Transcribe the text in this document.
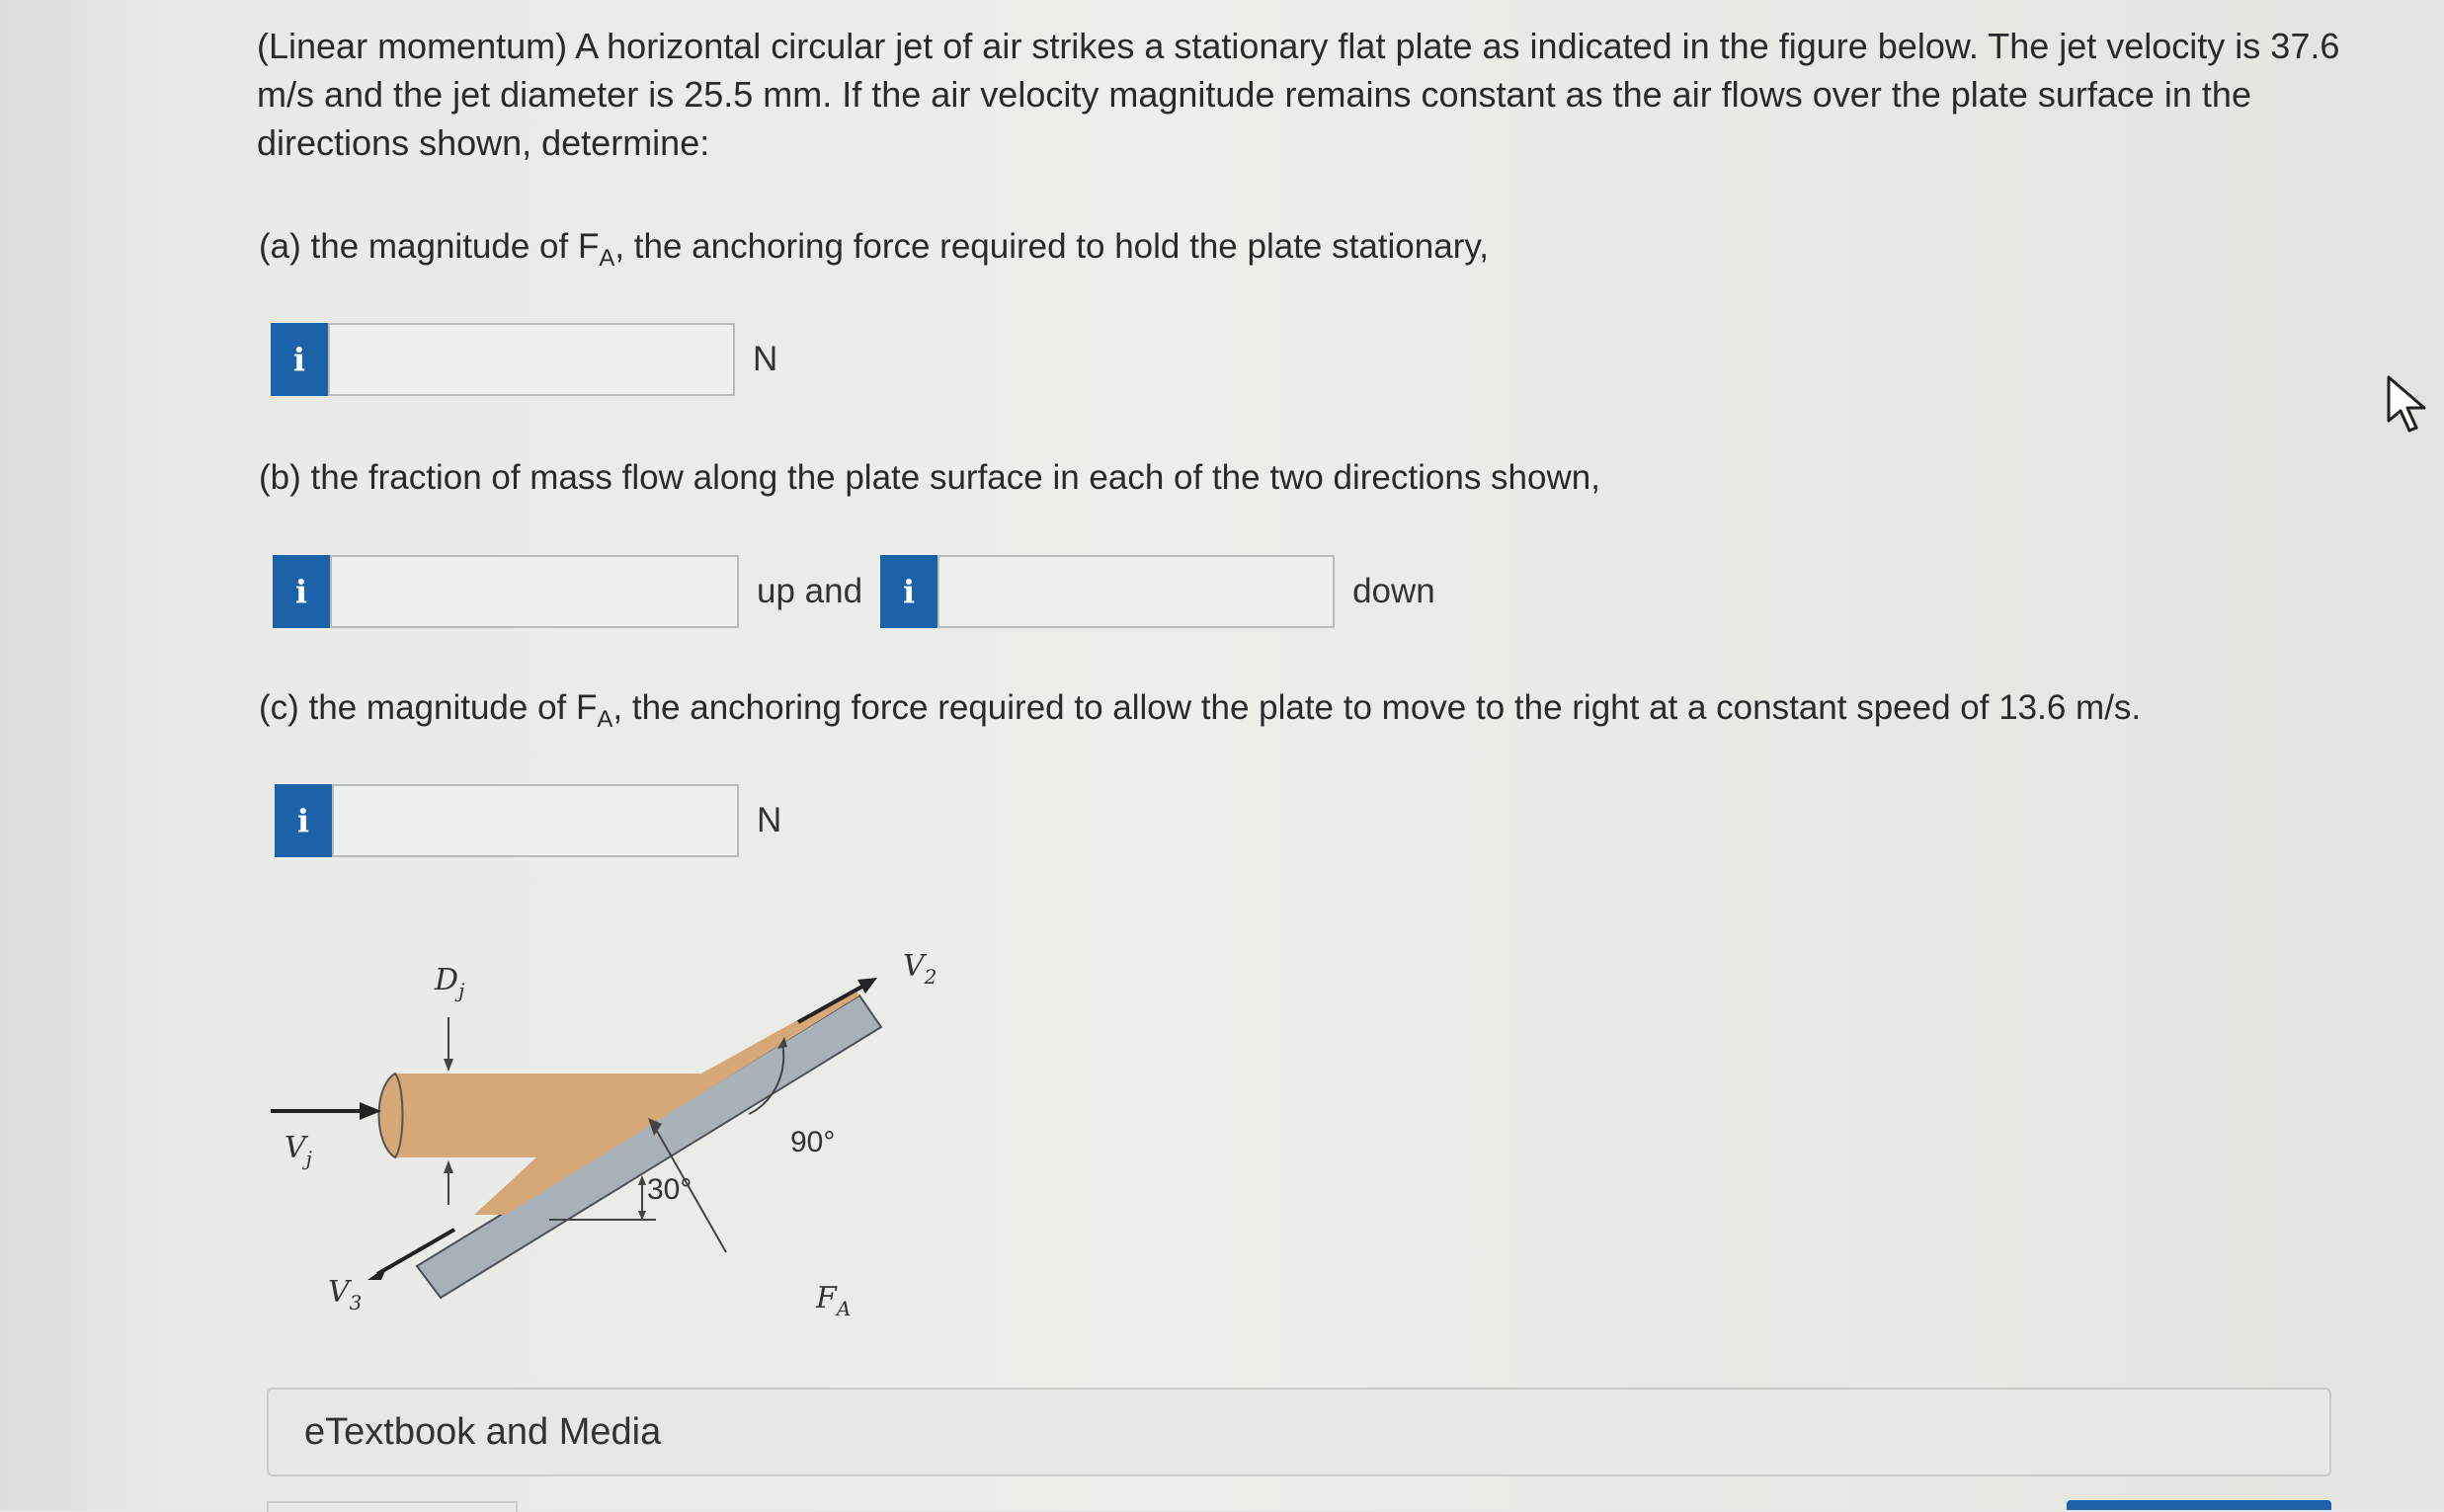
(Linear momentum) A horizontal circular jet of air strikes a stationary flat plate as indicated in the figure below. The jet velocity is 37.6 m/s and the jet diameter is 25.5 mm. If the air velocity magnitude remains constant as the air flows over the plate surface in the directions shown, determine:

(a) the magnitude of $F_A$, the anchoring force required to hold the plate stationary,

i	N

(b) the fraction of mass flow along the plate surface in each of the two directions shown,

i	up and	i	down

(c) the magnitude of $F_A$, the anchoring force required to allow the plate to move to the right at a constant speed of 13.6 m/s.

i	N
$D_j$
$V_j$
$V_2$
$V_3$	$F_A$
30°
90°
eTextbook and Media
